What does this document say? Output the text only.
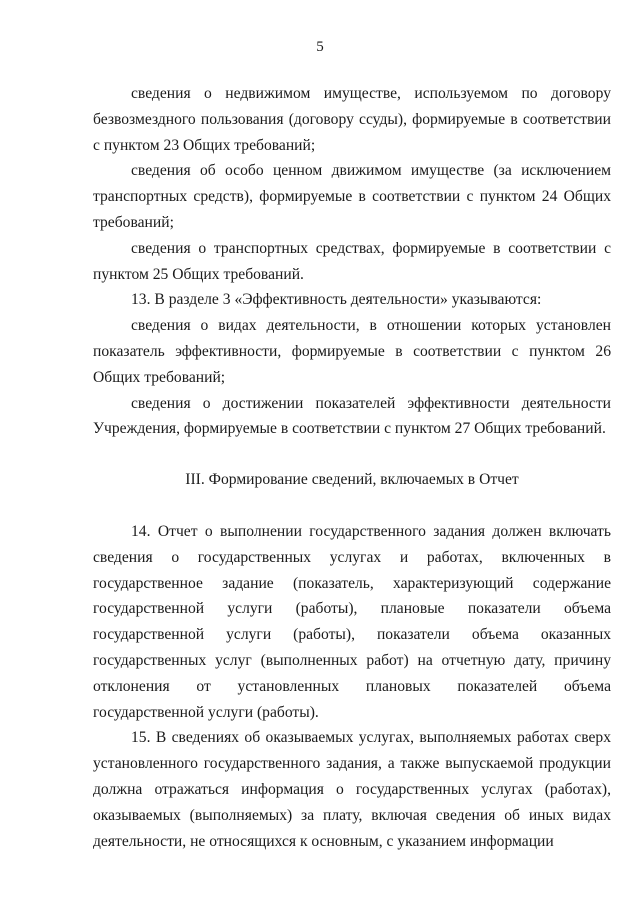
5

сведения о недвижимом имуществе, используемом по договору безвозмездного пользования (договору ссуды), формируемые в соответствии с пунктом 23 Общих требований;

сведения об особо ценном движимом имуществе (за исключением транспортных средств), формируемые в соответствии с пунктом 24 Общих требований;

сведения о транспортных средствах, формируемые в соответствии с пунктом 25 Общих требований.

13. В разделе 3 «Эффективность деятельности» указываются:

сведения о видах деятельности, в отношении которых установлен показатель эффективности, формируемые в соответствии с пунктом 26 Общих требований;

сведения о достижении показателей эффективности деятельности Учреждения, формируемые в соответствии с пунктом 27 Общих требований.

III. Формирование сведений, включаемых в Отчет

14. Отчет о выполнении государственного задания должен включать сведения о государственных услугах и работах, включенных в государственное задание (показатель, характеризующий содержание государственной услуги (работы), плановые показатели объема государственной услуги (работы), показатели объема оказанных государственных услуг (выполненных работ) на отчетную дату, причину отклонения от установленных плановых показателей объема государственной услуги (работы).

15. В сведениях об оказываемых услугах, выполняемых работах сверх установленного государственного задания, а также выпускаемой продукции должна отражаться информация о государственных услугах (работах), оказываемых (выполняемых) за плату, включая сведения об иных видах деятельности, не относящихся к основным, с указанием информации
